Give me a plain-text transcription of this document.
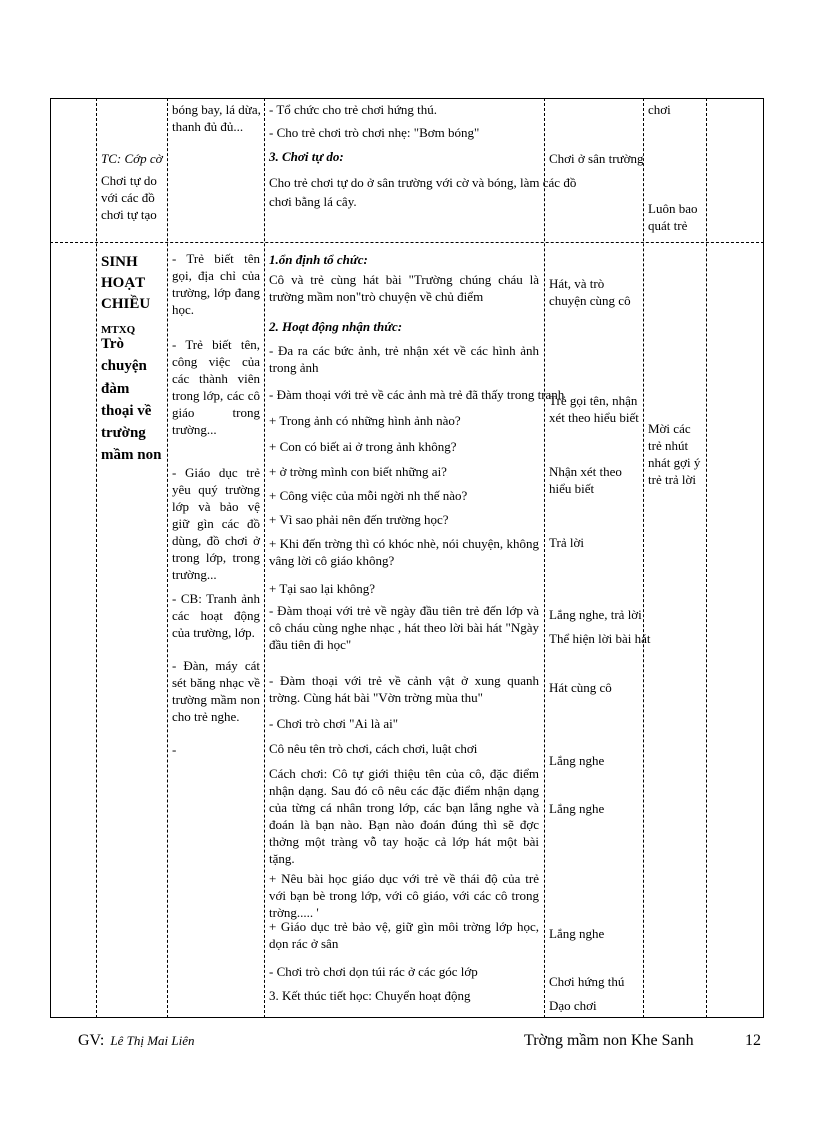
TC: Cớp cờ
Chơi tự do
với các đồ
chơi tự tạo
bóng bay, lá dừa,
thanh đủ đủ...
- Tổ chức cho trẻ chơi hứng thú.
- Cho trẻ chơi trò chơi nhẹ: "Bơm bóng"
3. Chơi tự do:
Cho trẻ chơi tự do ở sân trường với cờ và bóng, làm các đồ
chơi bằng lá cây.
Chơi ở sân trường
chơi
Luôn bao
quát trẻ
SINH
HOẠT
CHIỀU
MTXQ
Trò
chuyện
đàm
thoại về
trường
mầm non
- Trẻ biết tên gọi, địa chỉ của trường, lớp đang học.
- Trẻ biết tên, công việc của các thành viên trong lớp, các cô giáo trong trường...
- Giáo dục trẻ yêu quý trường lớp và bảo vệ giữ gìn các đồ dùng, đồ chơi ở trong lớp, trong trường...
- CB: Tranh ảnh các hoạt động của trường, lớp.
- Đàn, máy cát sét băng nhạc về trường mầm non cho trẻ nghe.
-
1.ổn định tổ chức:
Cô và trẻ cùng hát bài "Trường chúng cháu là trường mầm non"trò chuyện về chủ điểm
2. Hoạt động nhận thức:
- Đa ra các bức ảnh, trẻ nhận xét về các hình ảnh trong ảnh
- Đàm thoại với trẻ về các ảnh mà trẻ đã thấy trong tranh
+ Trong ảnh có những hình ảnh nào?
+ Con có biết ai ở trong ảnh không?
+ ở trờng mình con biết những ai?
+ Công việc của mỗi ngời nh thế nào?
+ Vì sao phải nên đến trường học?
+ Khi đến trờng thì có khóc nhè, nói chuyện, không vâng lời cô giáo không?
+ Tại sao lại không?
- Đàm thoại với trẻ về ngày đầu tiên trẻ đến lớp và cô cháu cùng nghe nhạc , hát theo lời bài hát "Ngày đầu tiên đi học"
- Đàm thoại với trẻ về cảnh vật ở xung quanh trờng. Cùng hát bài "Vờn trờng mùa thu"
- Chơi trò chơi "Ai là ai"
Cô nêu tên trò chơi, cách chơi, luật chơi
Cách chơi: Cô tự giới thiệu tên của cô, đặc điểm nhận dạng. Sau đó cô nêu các đặc điểm nhận dạng của từng cá nhân trong lớp, các bạn lắng nghe và đoán là bạn nào. Bạn nào đoán đúng thì sẽ đợc thởng một tràng vỗ tay hoặc cả lớp hát một bài tặng.
+ Nêu bài học giáo dục với trẻ về thái độ của trẻ với bạn bè trong lớp, với cô giáo, với các cô trong trờng..... '
+ Giáo dục trẻ bảo vệ, giữ gìn môi trờng lớp học, dọn rác ở sân
- Chơi trò chơi dọn túi rác ở các góc lớp
3. Kết thúc tiết học: Chuyển hoạt động
Hát, và trò chuyện cùng cô
Trẻ gọi tên, nhận xét theo hiểu biết
Nhận xét theo hiểu biết
Trả lời
Lắng nghe, trả lời
Thể hiện lời bài hát
Hát cùng cô
Lắng nghe
Lắng nghe
Lắng nghe
Chơi hứng thú
Dạo chơi
Mời các
trẻ nhút
nhát gợi ý
trẻ trả lời
GV: Lê Thị Mai Liên	Trờng mầm non Khe Sanh	12
